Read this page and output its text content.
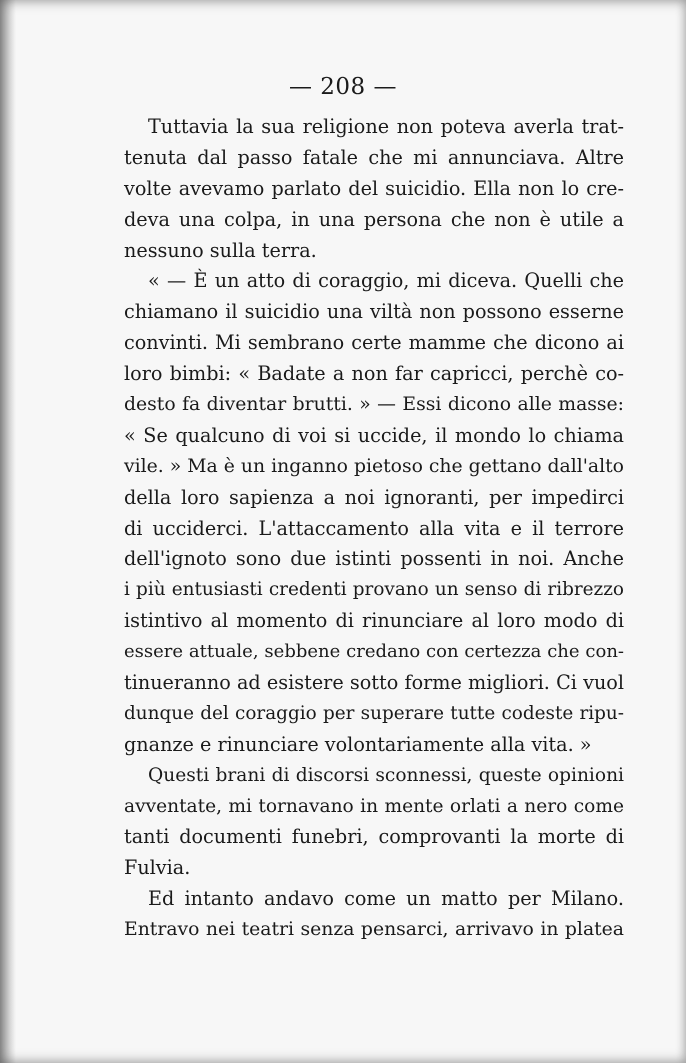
— 208 —
Tuttavia la sua religione non poteva averla trat-
tenuta dal passo fatale che mi annunciava. Altre
volte avevamo parlato del suicidio. Ella non lo cre-
deva una colpa, in una persona che non è utile a
nessuno sulla terra.
« — È un atto di coraggio, mi diceva. Quelli che
chiamano il suicidio una viltà non possono esserne
convinti. Mi sembrano certe mamme che dicono ai
loro bimbi: « Badate a non far capricci, perchè co-
desto fa diventar brutti. » — Essi dicono alle masse:
« Se qualcuno di voi si uccide, il mondo lo chiama
vile. » Ma è un inganno pietoso che gettano dall'alto
della loro sapienza a noi ignoranti, per impedirci
di ucciderci. L'attaccamento alla vita e il terrore
dell'ignoto sono due istinti possenti in noi. Anche
i più entusiasti credenti provano un senso di ribrezzo
istintivo al momento di rinunciare al loro modo di
essere attuale, sebbene credano con certezza che con-
tinueranno ad esistere sotto forme migliori. Ci vuol
dunque del coraggio per superare tutte codeste ripu-
gnanze e rinunciare volontariamente alla vita. »
Questi brani di discorsi sconnessi, queste opinioni
avventate, mi tornavano in mente orlati a nero come
tanti documenti funebri, comprovanti la morte di
Fulvia.
Ed intanto andavo come un matto per Milano.
Entravo nei teatri senza pensarci, arrivavo in platea
